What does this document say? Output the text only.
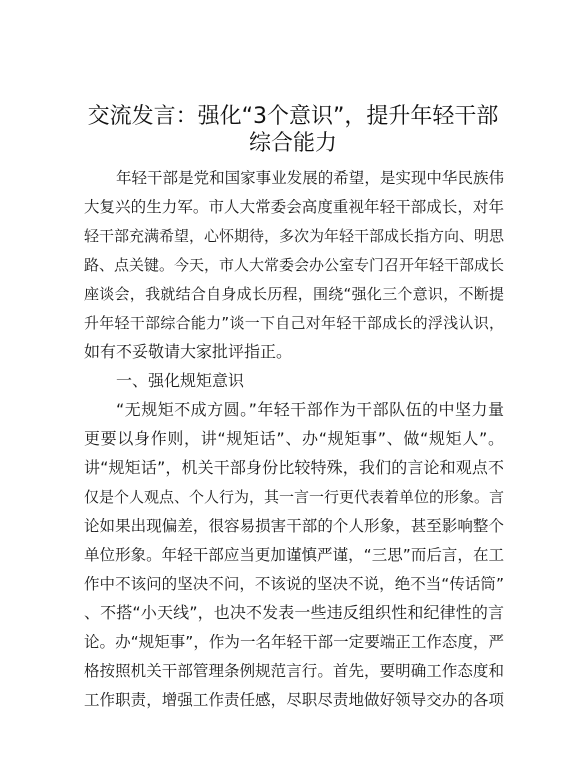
交流发言：强化“3个意识”，提升年轻干部
综合能力
年轻干部是党和国家事业发展的希望，是实现中华民族伟
大复兴的生力军。市人大常委会高度重视年轻干部成长，对年
轻干部充满希望，心怀期待，多次为年轻干部成长指方向、明思
路、点关键。今天，市人大常委会办公室专门召开年轻干部成长
座谈会，我就结合自身成长历程，围绕“强化三个意识，不断提
升年轻干部综合能力”谈一下自己对年轻干部成长的浮浅认识，
如有不妥敬请大家批评指正。
一、强化规矩意识
“无规矩不成方圆。”年轻干部作为干部队伍的中坚力量
更要以身作则，讲“规矩话”、办“规矩事”、做“规矩人”。
讲“规矩话”，机关干部身份比较特殊，我们的言论和观点不
仅是个人观点、个人行为，其一言一行更代表着单位的形象。言
论如果出现偏差，很容易损害干部的个人形象，甚至影响整个
单位形象。年轻干部应当更加谨慎严谨，“三思”而后言，在工
作中不该问的坚决不问，不该说的坚决不说，绝不当“传话筒”
、不搭“小天线”，也决不发表一些违反组织性和纪律性的言
论。办“规矩事”，作为一名年轻干部一定要端正工作态度，严
格按照机关干部管理条例规范言行。首先，要明确工作态度和
工作职责，增强工作责任感，尽职尽责地做好领导交办的各项
